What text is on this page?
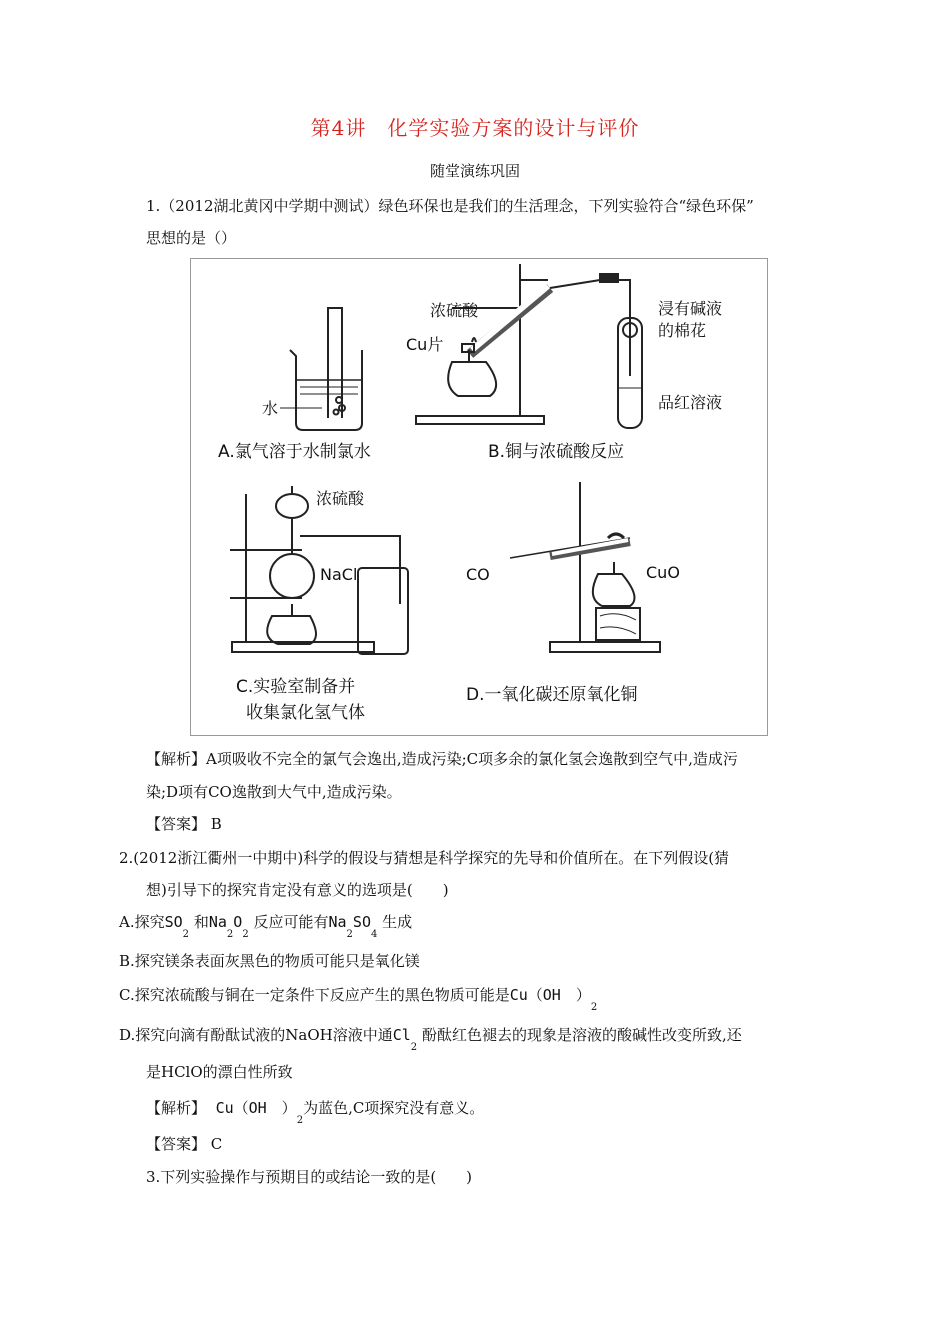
第4讲　化学实验方案的设计与评价
随堂演练巩固
1.（2012湖北黄冈中学期中测试）绿色环保也是我们的生活理念，下列实验符合“绿色环保”
思想的是（）
水
A.氯气溶于水制氯水
浓硫酸
Cu片
浸有碱液
的棉花
品红溶液
B.铜与浓硫酸反应
浓硫酸
NaCl
C.实验室制备并
收集氯化氢气体
CO	CuO
D.一氧化碳还原氧化铜
【解析】A项吸收不完全的氯气会逸出,造成污染;C项多余的氯化氢会逸散到空气中,造成污
染;D项有CO逸散到大气中,造成污染。
【答案】 B
2.(2012浙江衢州一中期中)科学的假设与猜想是科学探究的先导和价值所在。在下列假设(猜
想)引导下的探究肯定没有意义的选项是(　　)
A.探究$SO_2$ 和$Na_2O_2$ 反应可能有$Na_2SO_4$ 生成
B.探究镁条表面灰黑色的物质可能只是氧化镁
C.探究浓硫酸与铜在一定条件下反应产生的黑色物质可能是Cu（OH　）$_2$
D.探究向滴有酚酞试液的NaOH溶液中通$Cl_2$ 酚酞红色褪去的现象是溶液的酸碱性改变所致,还
是HClO的漂白性所致
【解析】 Cu（OH　）$_2$为蓝色,C项探究没有意义。
【答案】 C
3.下列实验操作与预期目的或结论一致的是(　　)
